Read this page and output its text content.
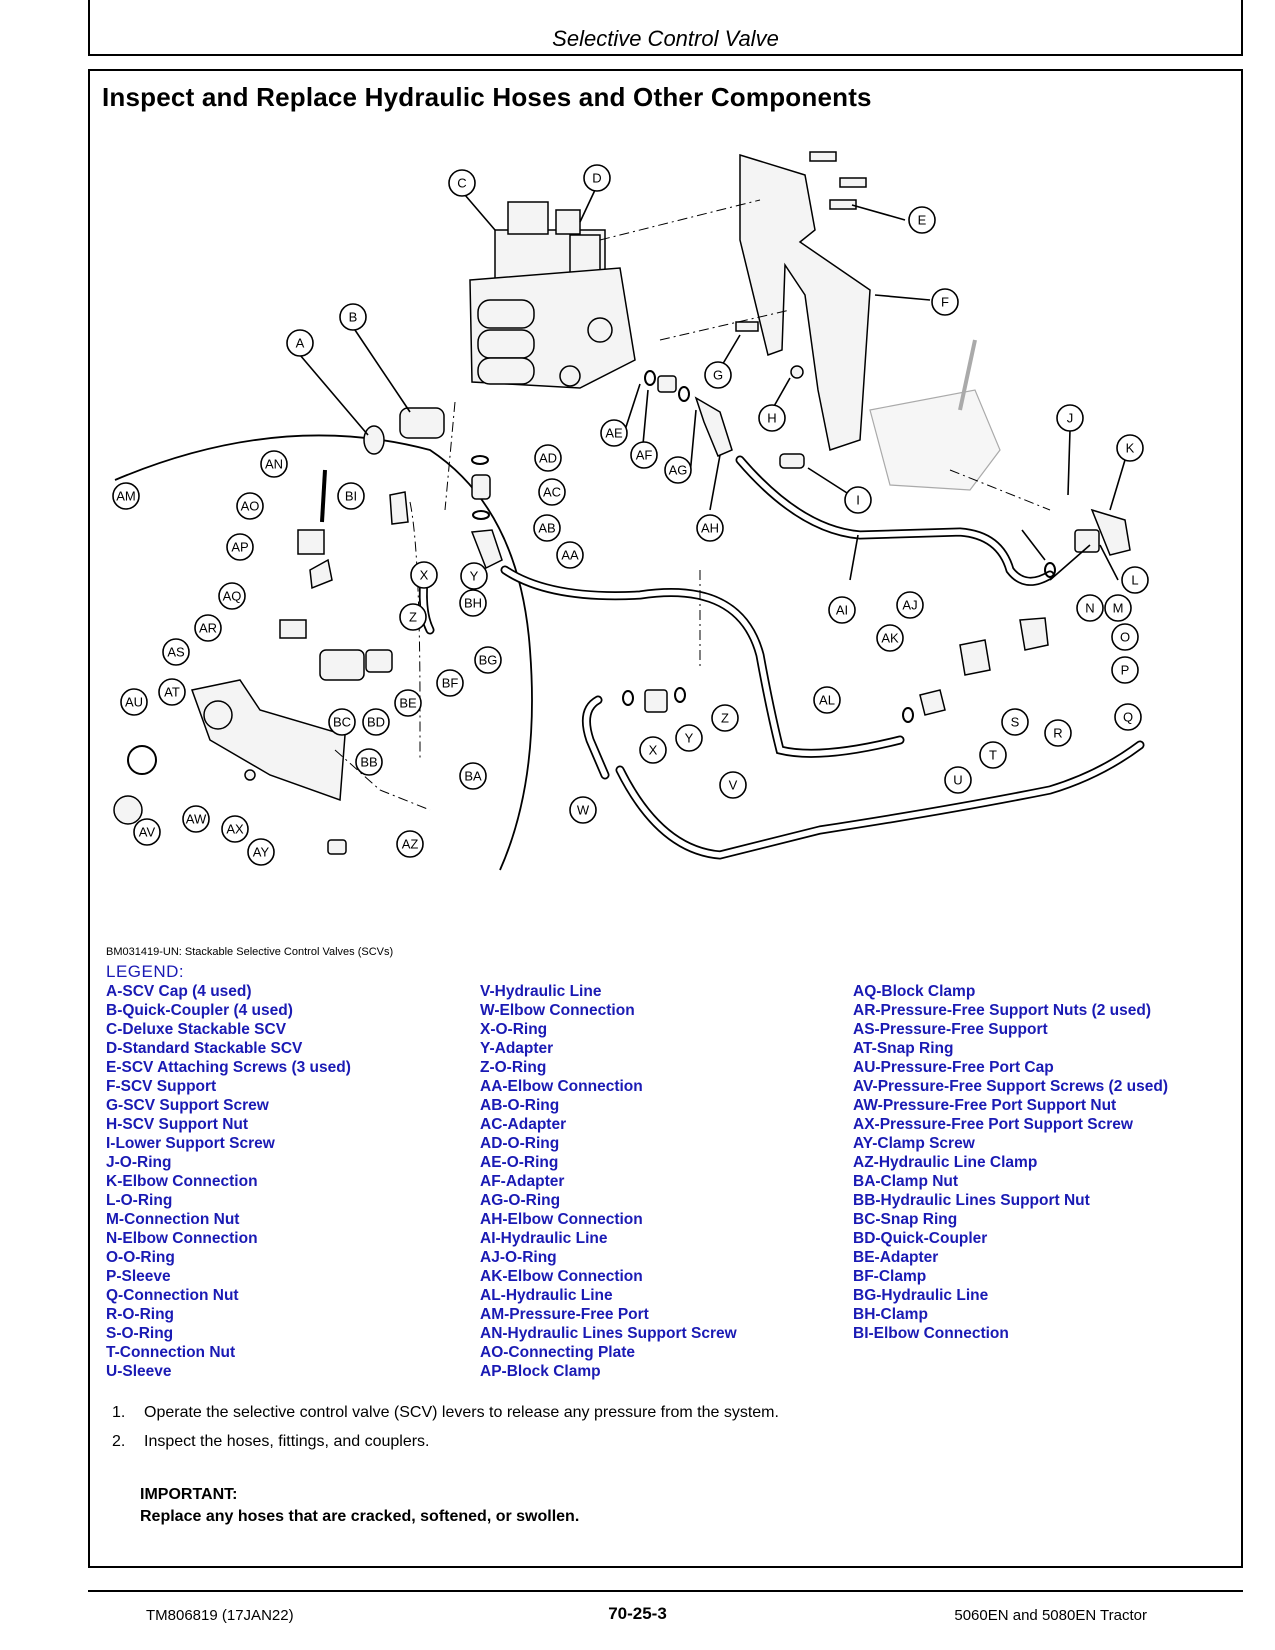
Selective Control Valve
Inspect and Replace Hydraulic Hoses and Other Components
A
B
C	D
E
F
G
H
I
J
K
L
M
N
O
P
Q
R
S
T
U
V
W
X
Y
Z
AA
AB
AC
AD
AE
AF
AG
AH
AI	AJ
AK
AL
AM
AN
AO
AP
AQ
AR
AS
AT
AU
AV
AW
AX
AY
AZ
BA
BB
BC BD
BE
BF
BG
BH
BI
X	Y
Z
BM031419-UN: Stackable Selective Control Valves (SCVs)
LEGEND:
A-SCV Cap (4 used)
B-Quick-Coupler (4 used)
C-Deluxe Stackable SCV
D-Standard Stackable SCV
E-SCV Attaching Screws (3 used)
F-SCV Support
G-SCV Support Screw
H-SCV Support Nut
I-Lower Support Screw
J-O-Ring
K-Elbow Connection
L-O-Ring
M-Connection Nut
N-Elbow Connection
O-O-Ring
P-Sleeve
Q-Connection Nut
R-O-Ring
S-O-Ring
T-Connection Nut
U-Sleeve
V-Hydraulic Line
W-Elbow Connection
X-O-Ring
Y-Adapter
Z-O-Ring
AA-Elbow Connection
AB-O-Ring
AC-Adapter
AD-O-Ring
AE-O-Ring
AF-Adapter
AG-O-Ring
AH-Elbow Connection
AI-Hydraulic Line
AJ-O-Ring
AK-Elbow Connection
AL-Hydraulic Line
AM-Pressure-Free Port
AN-Hydraulic Lines Support Screw
AO-Connecting Plate
AP-Block Clamp
AQ-Block Clamp
AR-Pressure-Free Support Nuts (2 used)
AS-Pressure-Free Support
AT-Snap Ring
AU-Pressure-Free Port Cap
AV-Pressure-Free Support Screws (2 used)
AW-Pressure-Free Port Support Nut
AX-Pressure-Free Port Support Screw
AY-Clamp Screw
AZ-Hydraulic Line Clamp
BA-Clamp Nut
BB-Hydraulic Lines Support Nut
BC-Snap Ring
BD-Quick-Coupler
BE-Adapter
BF-Clamp
BG-Hydraulic Line
BH-Clamp
BI-Elbow Connection
1.	Operate the selective control valve (SCV) levers to release any pressure from the system.
2.	Inspect the hoses, fittings, and couplers.
IMPORTANT:
Replace any hoses that are cracked, softened, or swollen.
TM806819 (17JAN22)	70-25-3	5060EN and 5080EN Tractor
